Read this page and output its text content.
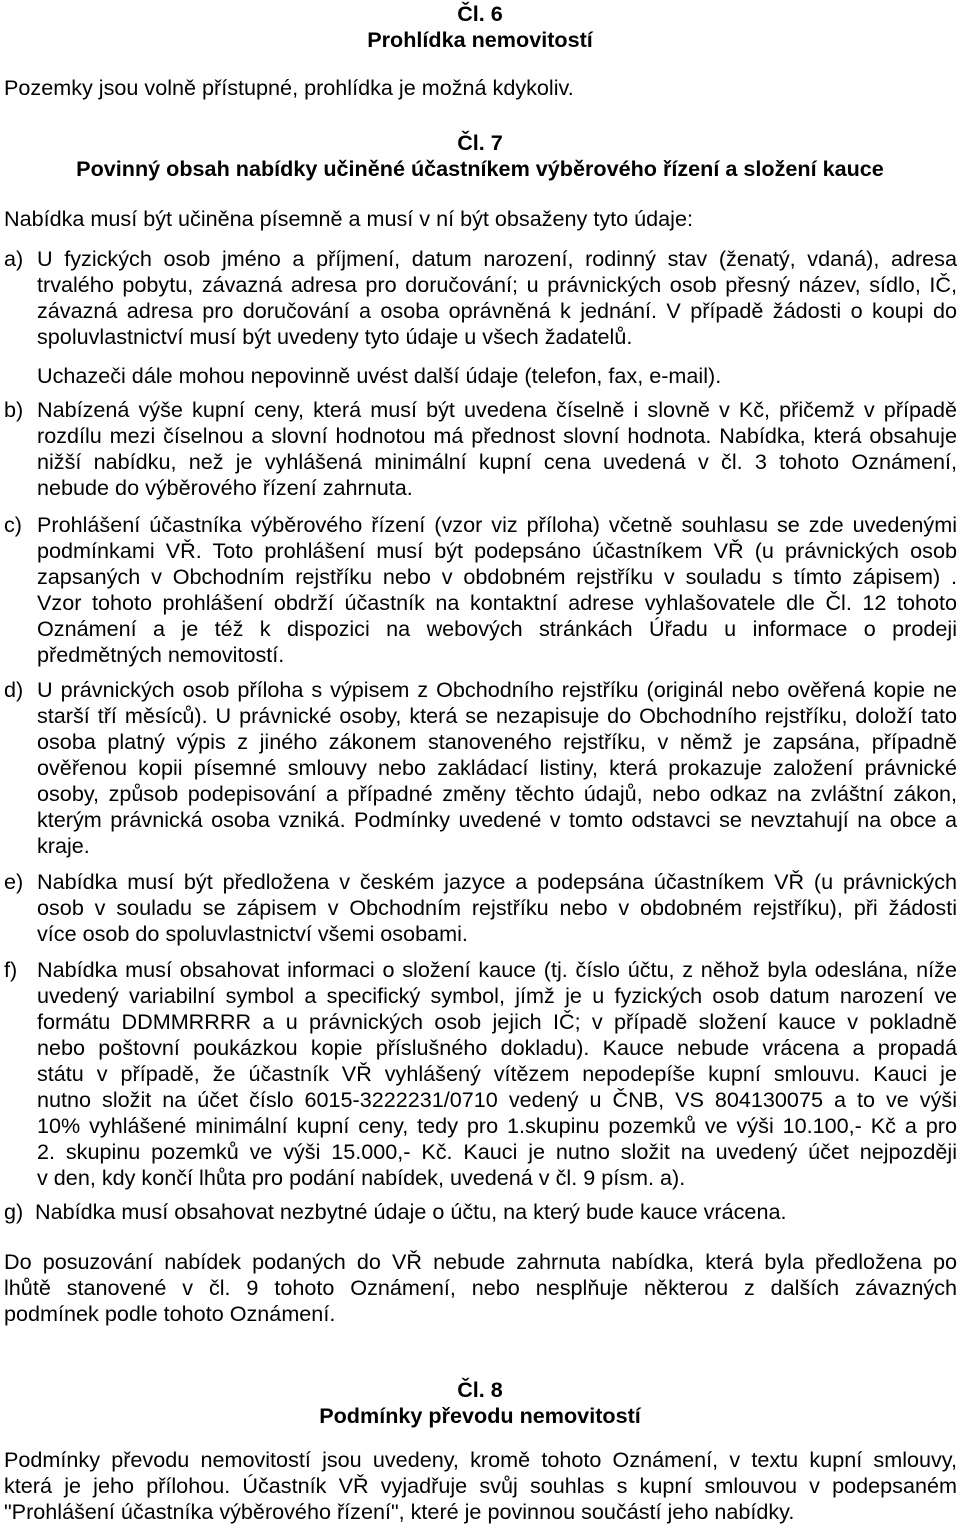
Čl. 6
Prohlídka nemovitostí
Pozemky jsou volně přístupné, prohlídka je možná kdykoliv.
Čl. 7
Povinný obsah nabídky učiněné účastníkem výběrového řízení a složení kauce
Nabídka musí být učiněna písemně a musí v ní být obsaženy tyto údaje:
a) U fyzických osob jméno a příjmení, datum narození, rodinný stav (ženatý, vdaná), adresa
trvalého pobytu, závazná adresa pro doručování; u právnických osob přesný název, sídlo, IČ,
závazná adresa pro doručování a osoba oprávněná k jednání. V případě žádosti o koupi do
spoluvlastnictví musí být uvedeny tyto údaje u všech žadatelů.
Uchazeči dále mohou nepovinně uvést další údaje (telefon, fax, e-mail).
b) Nabízená výše kupní ceny, která musí být uvedena číselně i slovně v Kč, přičemž v případě
rozdílu mezi číselnou a slovní hodnotou má přednost slovní hodnota. Nabídka, která obsahuje
nižší nabídku, než je vyhlášená minimální kupní cena uvedená v čl. 3 tohoto Oznámení,
nebude do výběrového řízení zahrnuta.
c) Prohlášení účastníka výběrového řízení (vzor viz příloha) včetně souhlasu se zde uvedenými
podmínkami VŘ. Toto prohlášení musí být podepsáno účastníkem VŘ (u právnických osob
zapsaných v Obchodním rejstříku nebo v obdobném rejstříku v souladu s tímto zápisem) .
Vzor tohoto prohlášení obdrží účastník na kontaktní adrese vyhlašovatele dle Čl. 12 tohoto
Oznámení a je též k dispozici na webových stránkách Úřadu u informace o prodeji
předmětných nemovitostí.
d) U právnických osob příloha s výpisem z Obchodního rejstříku (originál nebo ověřená kopie ne
starší tří měsíců). U právnické osoby, která se nezapisuje do Obchodního rejstříku, doloží tato
osoba platný výpis z jiného zákonem stanoveného rejstříku, v němž je zapsána, případně
ověřenou kopii písemné smlouvy nebo zakládací listiny, která prokazuje založení právnické
osoby, způsob podepisování a případné změny těchto údajů, nebo odkaz na zvláštní zákon,
kterým právnická osoba vzniká. Podmínky uvedené v tomto odstavci se nevztahují na obce a
kraje.
e) Nabídka musí být předložena v českém jazyce a podepsána účastníkem VŘ (u právnických
osob v souladu se zápisem v Obchodním rejstříku nebo v obdobném rejstříku), při žádosti
více osob do spoluvlastnictví všemi osobami.
f) Nabídka musí obsahovat informaci o složení kauce (tj. číslo účtu, z něhož byla odeslána, níže
uvedený variabilní symbol a specifický symbol, jímž je u fyzických osob datum narození ve
formátu DDMMRRRR a u právnických osob jejich IČ; v případě složení kauce v pokladně
nebo poštovní poukázkou kopie příslušného dokladu). Kauce nebude vrácena a propadá
státu v případě, že účastník VŘ vyhlášený vítězem nepodepíše kupní smlouvu. Kauci je
nutno složit na účet číslo 6015-3222231/0710 vedený u ČNB, VS 804130075 a to ve výši
10% vyhlášené minimální kupní ceny, tedy pro 1.skupinu pozemků ve výši 10.100,- Kč a pro
2. skupinu pozemků ve výši 15.000,- Kč. Kauci je nutno složit na uvedený účet nejpozději
v den, kdy končí lhůta pro podání nabídek, uvedená v čl. 9 písm. a).
g) Nabídka musí obsahovat nezbytné údaje o účtu, na který bude kauce vrácena.
Do posuzování nabídek podaných do VŘ nebude zahrnuta nabídka, která byla předložena po
lhůtě stanovené v čl. 9 tohoto Oznámení, nebo nesplňuje některou z dalších závazných
podmínek podle tohoto Oznámení.
Čl. 8
Podmínky převodu nemovitostí
Podmínky převodu nemovitostí jsou uvedeny, kromě tohoto Oznámení, v textu kupní smlouvy,
která je jeho přílohou. Účastník VŘ vyjadřuje svůj souhlas s kupní smlouvou v podepsaném
"Prohlášení účastníka výběrového řízení", které je povinnou součástí jeho nabídky.
